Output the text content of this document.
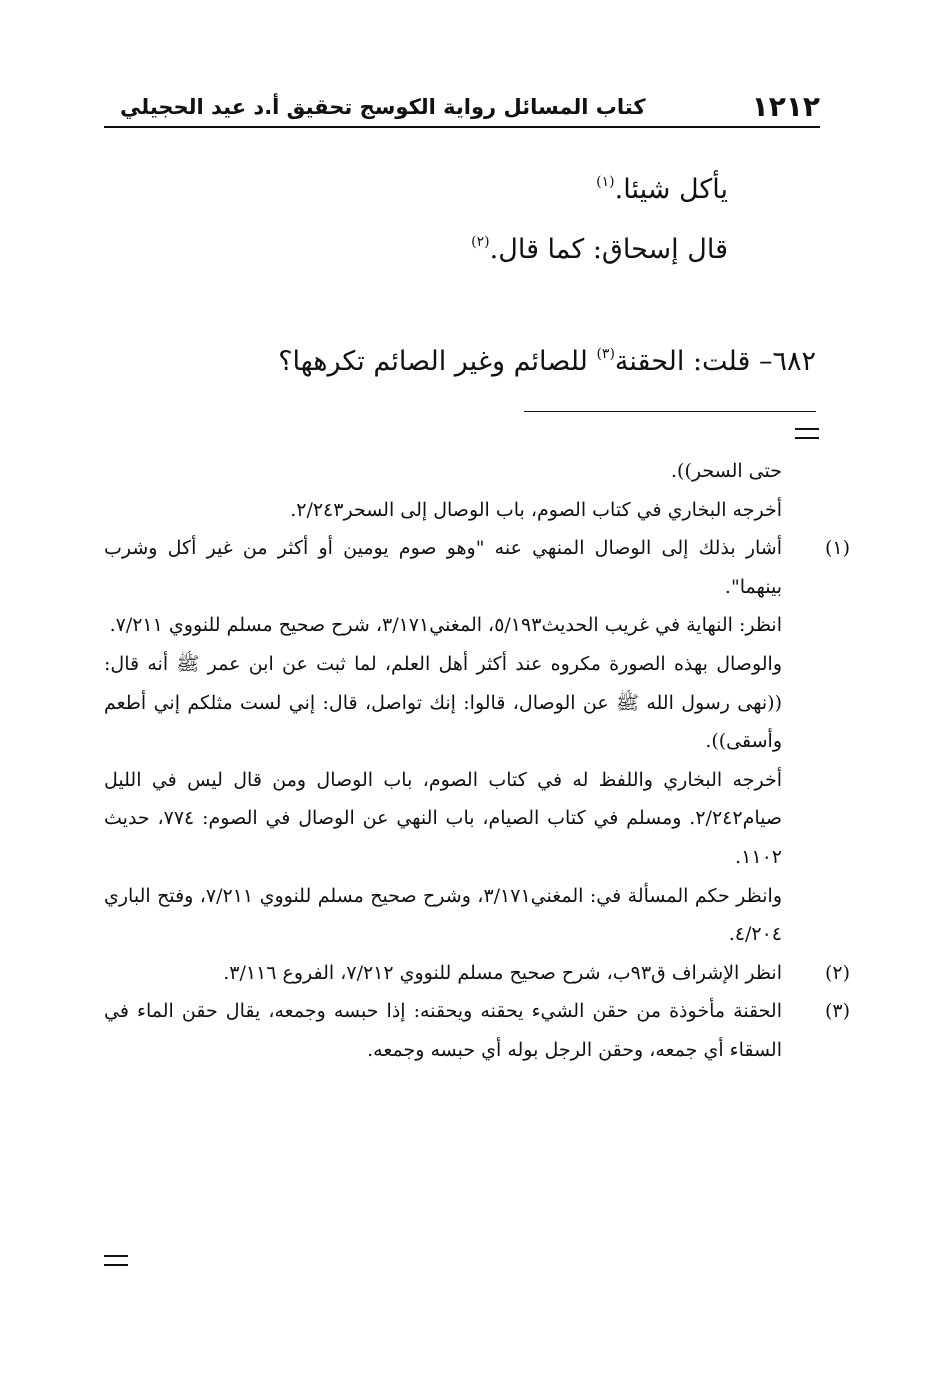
١٢١٢
كتاب المسائل رواية الكوسج تحقيق أ.د عيد الحجيلي

يأكل شيئا.$^{(١)}$

قال إسحاق: كما قال.$^{(٢)}$

٦٨٢– قلت: الحقنة$^{(٣)}$ للصائم وغير الصائم تكرهها؟

حتى السحر)).

أخرجه البخاري في كتاب الصوم، باب الوصال إلى السحر٢/٢٤٣.

(١)أشار بذلك إلى الوصال المنهي عنه "وهو صوم يومين أو أكثر من غير أكل وشرب بينهما".

انظر: النهاية في غريب الحديث٥/١٩٣، المغني٣/١٧١، شرح صحيح مسلم للنووي ٧/٢١١.

والوصال بهذه الصورة مكروه عند أكثر أهل العلم، لما ثبت عن ابن عمر ﷺ أنه قال: ((نهى رسول الله ﷺ عن الوصال، قالوا: إنك تواصل، قال: إني لست مثلكم إني أطعم وأسقى)).

أخرجه البخاري واللفظ له في كتاب الصوم، باب الوصال ومن قال ليس في الليل صيام٢/٢٤٢. ومسلم في كتاب الصيام، باب النهي عن الوصال في الصوم: ٧٧٤، حديث ١١٠٢.

وانظر حكم المسألة في: المغني٣/١٧١، وشرح صحيح مسلم للنووي ٧/٢١١، وفتح الباري ٤/٢٠٤.

(٢)انظر الإشراف ق٩٣ب، شرح صحيح مسلم للنووي ٧/٢١٢، الفروع ٣/١١٦.

(٣)الحقنة مأخوذة من حقن الشيء يحقنه ويحقنه: إذا حبسه وجمعه، يقال حقن الماء في السقاء أي جمعه، وحقن الرجل بوله أي حبسه وجمعه.
